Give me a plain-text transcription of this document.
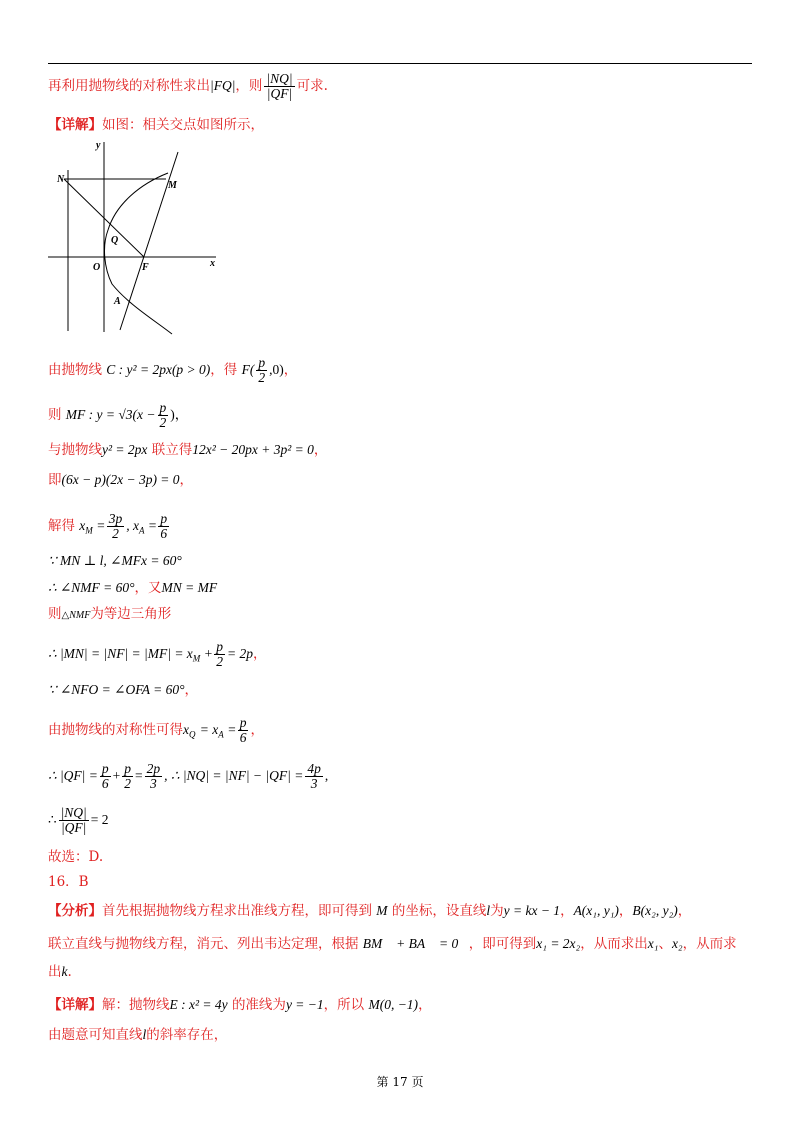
再利用抛物线的对称性求出|FQ|，则 $\frac{|NQ|}{|QF|}$ 可求.
【详解】如图：相关交点如图所示，
y
x
N
M
Q
O	F
A
由抛物线 C : y² = 2px(p > 0)，得 $F( \frac{p}{2} ,0)$，
则 MF : $y = √3(x - \frac{p}{2}$ )，
与抛物线y² = 2px 联立得12x² − 20px + 3p² = 0，
即(6x − p)(2x − 3p) = 0，
解得 $x_M = \frac{3p}{2}$ , $x_A = \frac{p}{6}$
∵ MN ⊥ l, ∠MFx = 60°
∴ ∠NMF = 60°，又MN = MF
则△NMF为等边三角形
∴ $|MN| = |NF| = |MF| = x_M + \frac{p}{2} = 2p$，
∵ ∠NFO = ∠OFA = 60°，
由抛物线的对称性可得$x_Q = x_A = \frac{p}{6}$ ，
∴ $|QF| = \frac{p}{6} + \frac{p}{2} = \frac{2p}{3}$ , ∴ $|NQ| = |NF| - |QF| = \frac{4p}{3}$ ,
∴ $\frac{|NQ|}{|QF|} = 2$
故选：D.
16．B
【分析】首先根据抛物线方程求出准线方程，即可得到 M 的坐标，设直线l为y = kx − 1，A(x₁, y₁)，B(x₂, y₂)，
联立直线与抛物线方程，消元、列出韦达定理，根据 BM⃗ + BA⃗ = 0⃗，即可得到x₁ = 2x₂，从而求出x₁、x₂，从而求
出k.
【详解】解：抛物线E : x² = 4y 的准线为y = −1，所以 M(0, −1)，
由题意可知直线l的斜率存在，
第 17 页
